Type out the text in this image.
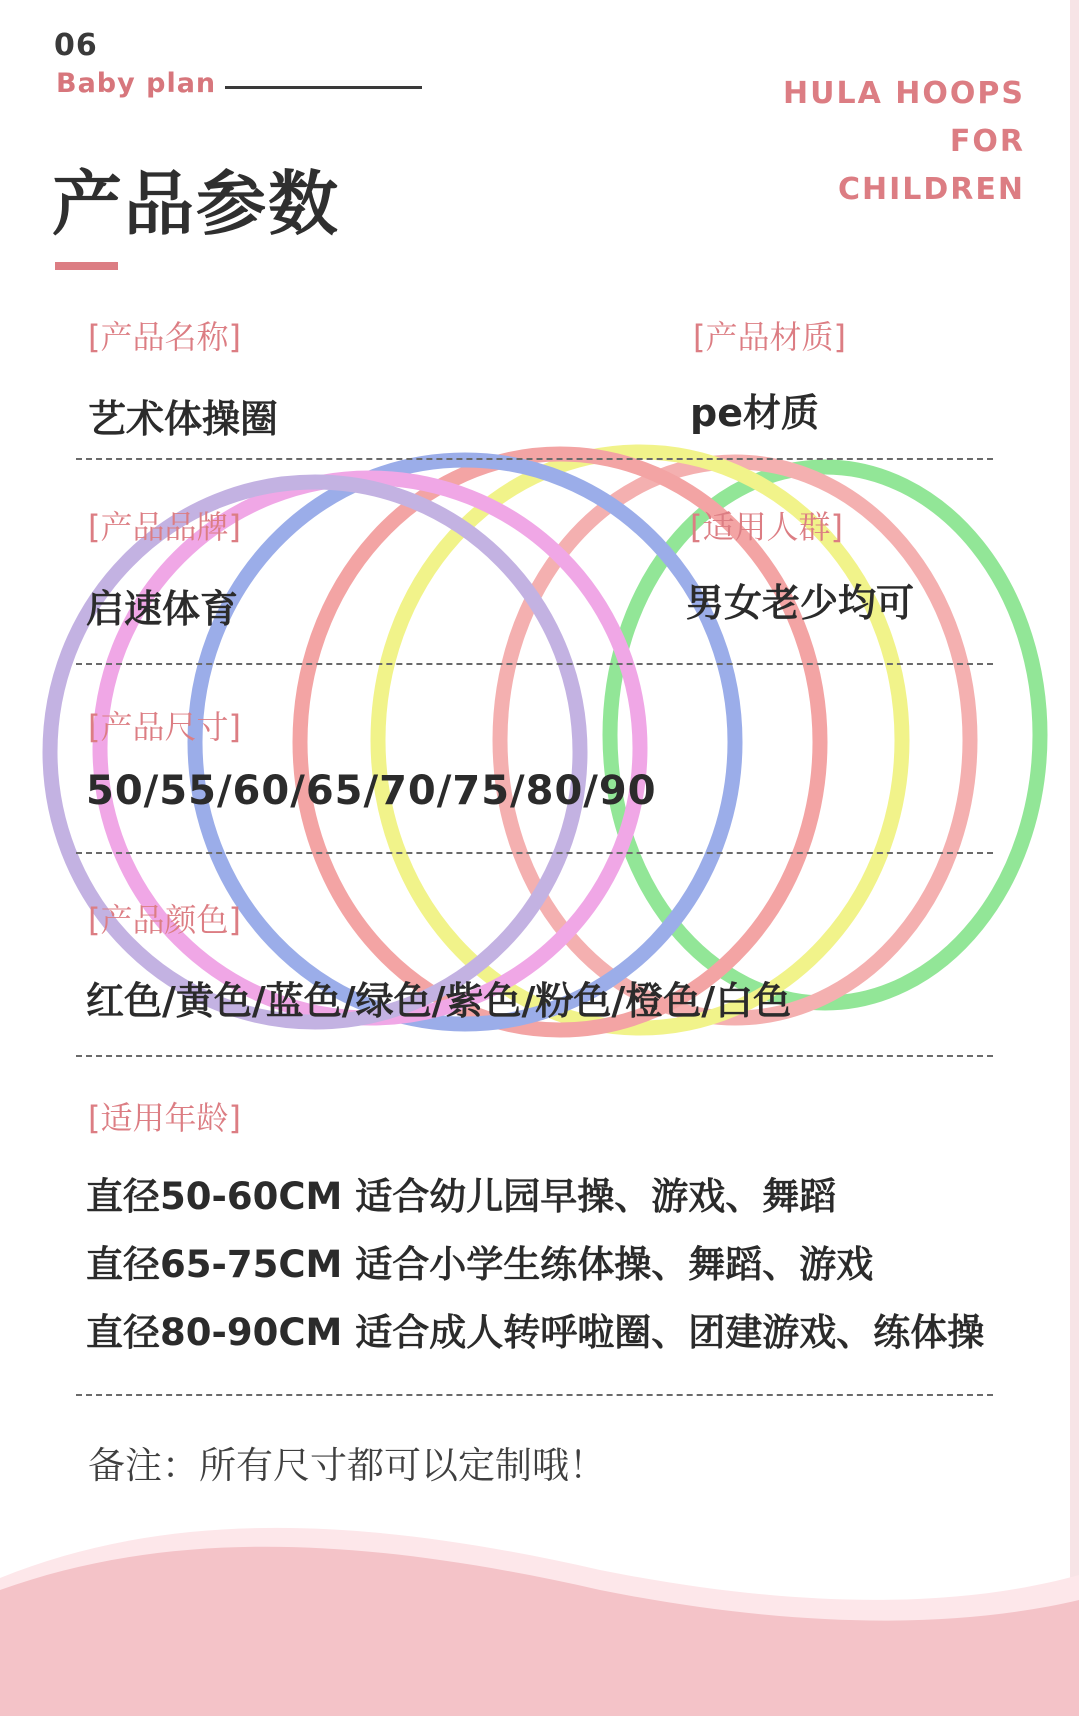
06
Baby plan	HULA HOOPS
FOR
CHILDREN
产品参数
[产品名称]
艺术体操圈
[产品材质]
pe材质
[产品品牌]
启速体育
[适用人群]
男女老少均可
[产品尺寸]
50/55/60/65/70/75/80/90
[产品颜色]
红色/黄色/蓝色/绿色/紫色/粉色/橙色/白色
[适用年龄]
直径50-60CM 适合幼儿园早操、游戏、舞蹈
直径65-75CM 适合小学生练体操、舞蹈、游戏
直径80-90CM 适合成人转呼啦圈、团建游戏、练体操
备注：所有尺寸都可以定制哦！
